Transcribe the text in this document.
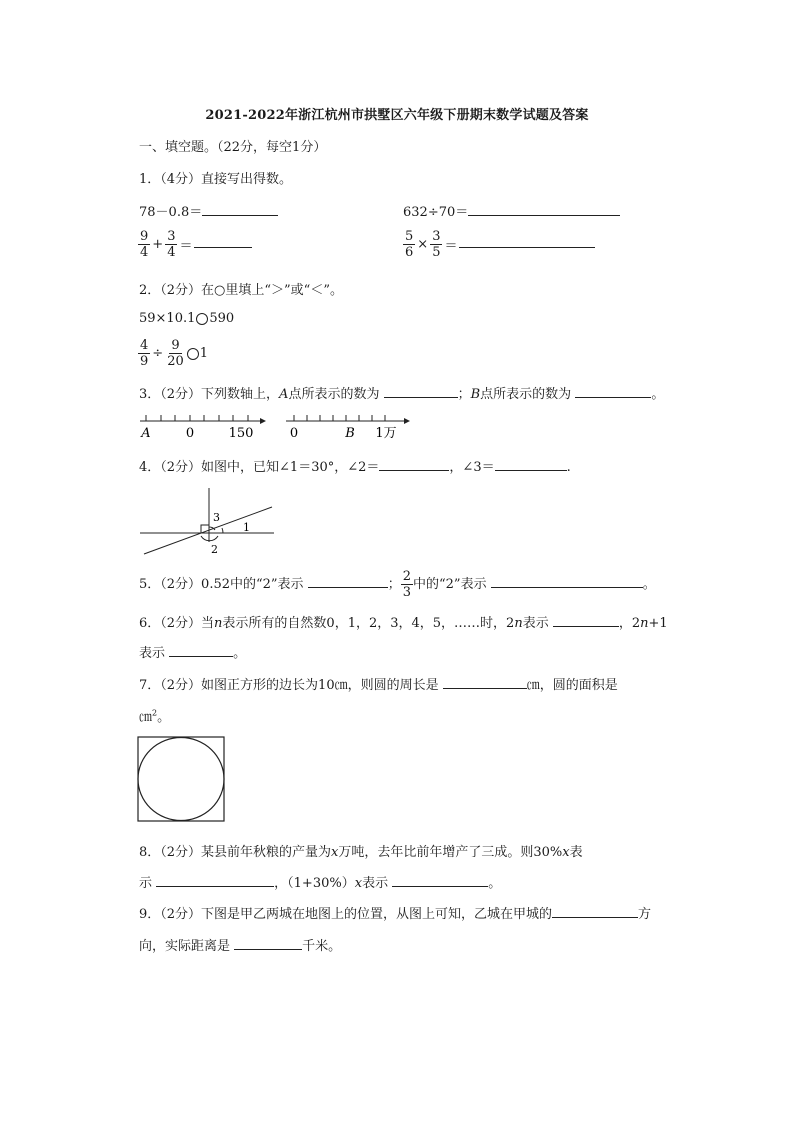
2021-2022年浙江杭州市拱墅区六年级下册期末数学试题及答案
一、填空题。（22分，每空1分）
1．（4分）直接写出得数。
78－0.8＝	632÷70＝
$\frac{9}{4} + \frac{3}{4}$ ＝	$\frac{5}{6} \times \frac{3}{5}$ ＝
2．（2分）在○里填上“＞”或“＜”。
59×10.1 590
$\frac{4}{9} \div \frac{9}{20} 1$
3．（2分）下列数轴上，A点所表示的数为	；B点所表示的数为	。
A	0	150	0	B 1万
4．（2分）如图中，已知∠1＝30°，∠2＝	，∠3＝	.
1
2
3
5．（2分）0.52中的“2”表示	； $\frac{2}{3}$ 中的“2”表示	。
6．（2分）当n表示所有的自然数0，1，2，3，4，5，……时，2n表示	，2n+1
表示	。
7．（2分）如图正方形的边长为10㎝，则圆的周长是	㎝，圆的面积是
㎝$^2$。
8．（2分）某县前年秋粮的产量为x万吨，去年比前年增产了三成。则30%x表
示	，（1+30%）x表示	。
9．（2分）下图是甲乙两城在地图上的位置，从图上可知，乙城在甲城的	方
向，实际距离是	千米。
